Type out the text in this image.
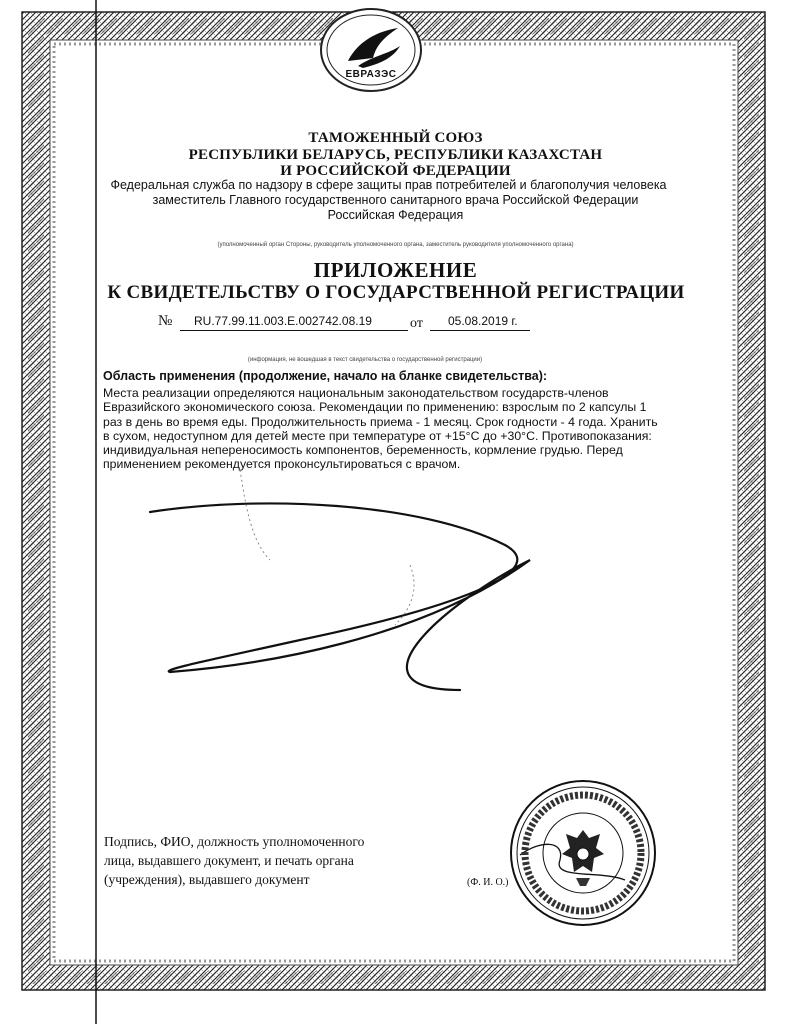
ЕВРАЗЭС
ТАМОЖЕННЫЙ СОЮЗ
РЕСПУБЛИКИ БЕЛАРУСЬ, РЕСПУБЛИКИ КАЗАХСТАН
И РОССИЙСКОЙ ФЕДЕРАЦИИ
Федеральная служба по надзору в сфере защиты прав потребителей и благополучия человека
заместитель Главного государственного санитарного врача Российской Федерации
Российская Федерация
(уполномоченный орган Стороны, руководитель уполномоченного органа, заместитель руководителя уполномоченного органа)
ПРИЛОЖЕНИЕ
К СВИДЕТЕЛЬСТВУ О ГОСУДАРСТВЕННОЙ РЕГИСТРАЦИИ
№ RU.77.99.11.003.E.002742.08.19	от 05.08.2019 г.
(информация, не вошедшая в текст свидетельства о государственной регистрации)
Область применения (продолжение, начало на бланке свидетельства):
Места реализации определяются национальным законодательством государств-членов
Евразийского экономического союза. Рекомендации по применению: взрослым по 2 капсулы 1
раз в день во время еды. Продолжительность приема - 1 месяц. Срок годности - 4 года. Хранить
в сухом, недоступном для детей месте при температуре от +15°С до +30°С. Противопоказания:
индивидуальная непереносимость компонентов, беременность, кормление грудью. Перед
применением рекомендуется проконсультироваться с врачом.
Подпись, ФИО, должность уполномоченного
лица, выдавшего документ, и печать органа
(учреждения), выдавшего документ	(Ф. И. О.)
